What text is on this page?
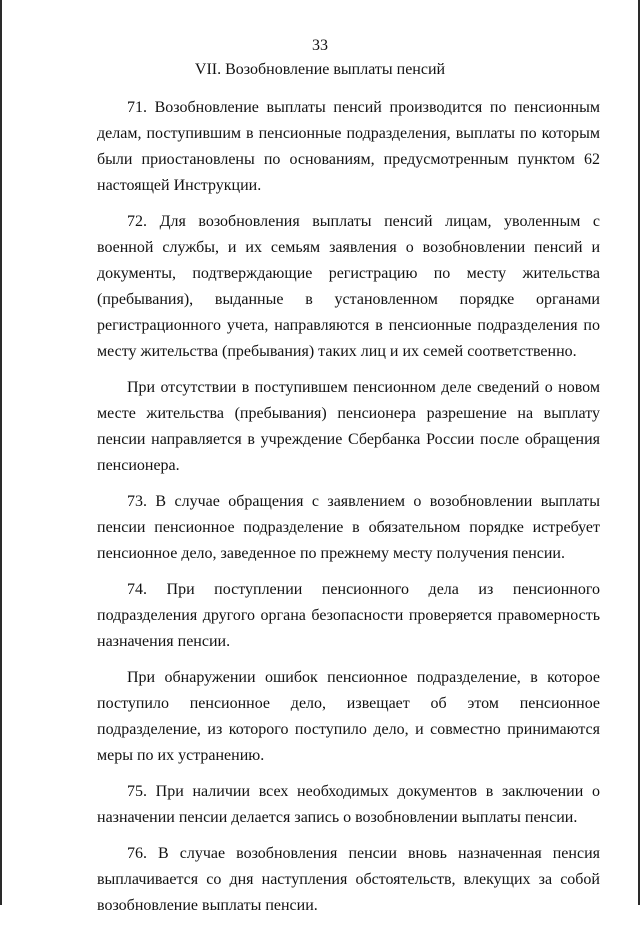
33
VII. Возобновление выплаты пенсий

71. Возобновление выплаты пенсий производится по пенсионным делам, поступившим в пенсионные подразделения, выплаты по которым были приостановлены по основаниям, предусмотренным пунктом 62 настоящей Инструкции.

72. Для возобновления выплаты пенсий лицам, уволенным с военной службы, и их семьям заявления о возобновлении пенсий и документы, подтверждающие регистрацию по месту жительства (пребывания), выданные в установленном порядке органами регистрационного учета, направляются в пенсионные подразделения по месту жительства (пребывания) таких лиц и их семей соответственно.

При отсутствии в поступившем пенсионном деле сведений о новом месте жительства (пребывания) пенсионера разрешение на выплату пенсии направляется в учреждение Сбербанка России после обращения пенсионера.

73. В случае обращения с заявлением о возобновлении выплаты пенсии пенсионное подразделение в обязательном порядке истребует пенсионное дело, заведенное по прежнему месту получения пенсии.

74. При поступлении пенсионного дела из пенсионного подразделения другого органа безопасности проверяется правомерность назначения пенсии.

При обнаружении ошибок пенсионное подразделение, в которое поступило пенсионное дело, извещает об этом пенсионное подразделение, из которого поступило дело, и совместно принимаются меры по их устранению.

75. При наличии всех необходимых документов в заключении о назначении пенсии делается запись о возобновлении выплаты пенсии.

76. В случае возобновления пенсии вновь назначенная пенсия выплачивается со дня наступления обстоятельств, влекущих за собой возобновление выплаты пенсии.
